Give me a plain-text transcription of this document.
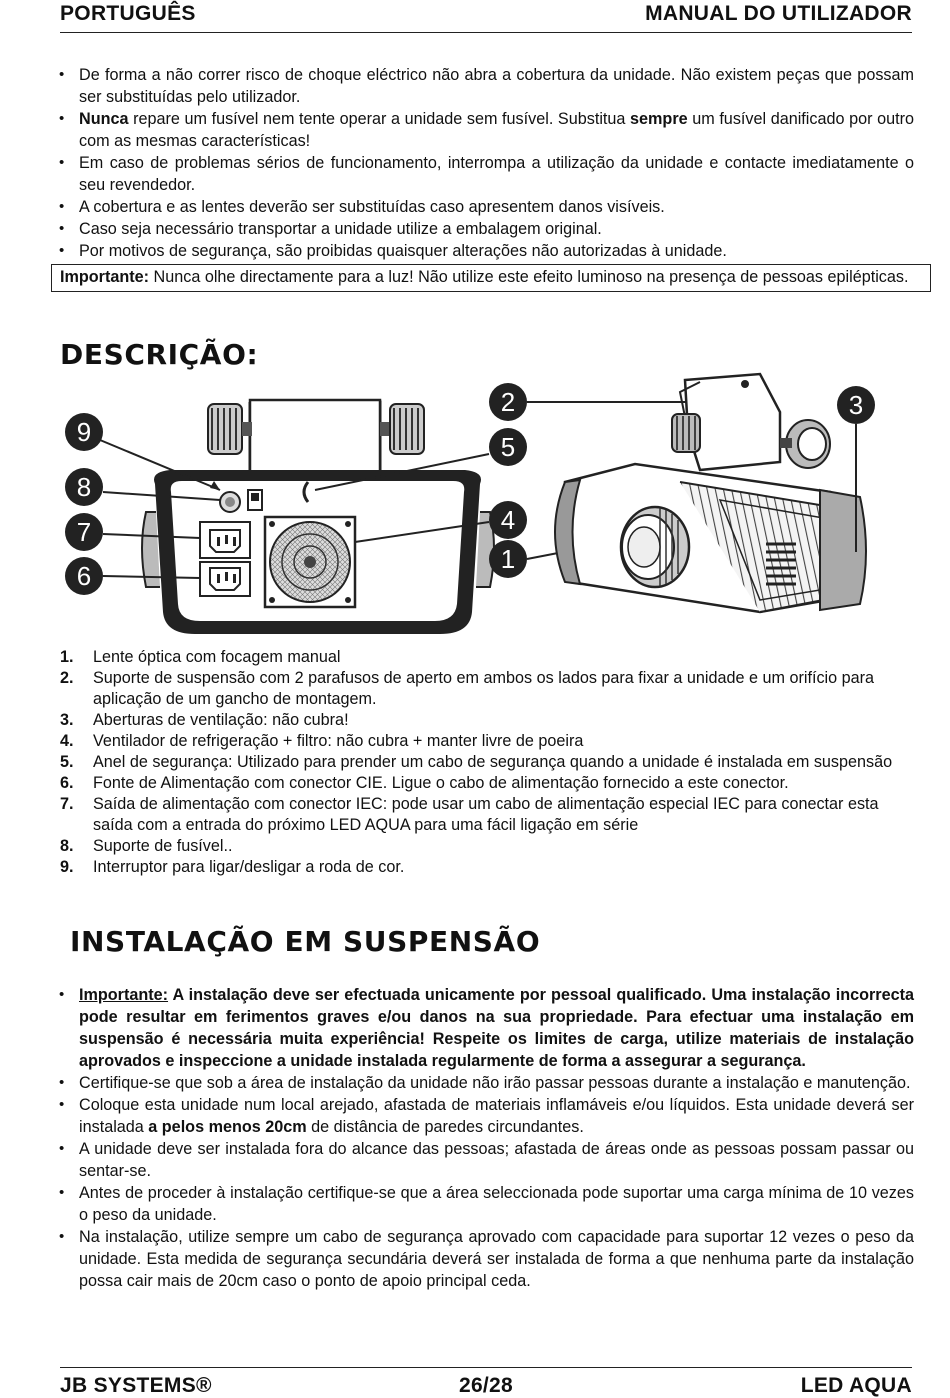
PORTUGUÊS	MANUAL DO UTILIZADOR
• De forma a não correr risco de choque eléctrico não abra a cobertura da unidade. Não existem peças que possam ser substituídas pelo utilizador.
• Nunca repare um fusível nem tente operar a unidade sem fusível. Substitua sempre um fusível danificado por outro com as mesmas características!
• Em caso de problemas sérios de funcionamento, interrompa a utilização da unidade e contacte imediatamente o seu revendedor.
• A cobertura e as lentes deverão ser substituídas caso apresentem danos visíveis.
• Caso seja necessário transportar a unidade utilize a embalagem original.
• Por motivos de segurança, são proibidas quaisquer alterações não autorizadas à unidade.
Importante: Nunca olhe directamente para a luz! Não utilize este efeito luminoso na presença de pessoas epilépticas.
DESCRIÇÃO:
9
8
7
6
2
5
4
1
3
1. Lente óptica com focagem manual
2. Suporte de suspensão com 2 parafusos de aperto em ambos os lados para fixar a unidade e um orifício para aplicação de um gancho de montagem.
3. Aberturas de ventilação: não cubra!
4. Ventilador de refrigeração + filtro: não cubra + manter livre de poeira
5. Anel de segurança: Utilizado para prender um cabo de segurança quando a unidade é instalada em suspensão
6. Fonte de Alimentação com conector CIE. Ligue o cabo de alimentação fornecido a este conector.
7. Saída de alimentação com conector IEC: pode usar um cabo de alimentação especial IEC para conectar esta saída com a entrada do próximo LED AQUA para uma fácil ligação em série
8. Suporte de fusível..
9. Interruptor para ligar/desligar a roda de cor.
INSTALAÇÃO EM SUSPENSÃO
• Importante: A instalação deve ser efectuada unicamente por pessoal qualificado. Uma instalação incorrecta pode resultar em ferimentos graves e/ou danos na sua propriedade. Para efectuar uma instalação em suspensão é necessária muita experiência! Respeite os limites de carga, utilize materiais de instalação aprovados e inspeccione a unidade instalada regularmente de forma a assegurar a segurança.
• Certifique-se que sob a área de instalação da unidade não irão passar pessoas durante a instalação e manutenção.
• Coloque esta unidade num local arejado, afastada de materiais inflamáveis e/ou líquidos. Esta unidade deverá ser instalada a pelos menos 20cm de distância de paredes circundantes.
• A unidade deve ser instalada fora do alcance das pessoas; afastada de áreas onde as pessoas possam passar ou sentar-se.
• Antes de proceder à instalação certifique-se que a área seleccionada pode suportar uma carga mínima de 10 vezes o peso da unidade.
• Na instalação, utilize sempre um cabo de segurança aprovado com capacidade para suportar 12 vezes o peso da unidade. Esta medida de segurança secundária deverá ser instalada de forma a que nenhuma parte da instalação possa cair mais de 20cm caso o ponto de apoio principal ceda.
JB SYSTEMS®	26/28	LED AQUA
